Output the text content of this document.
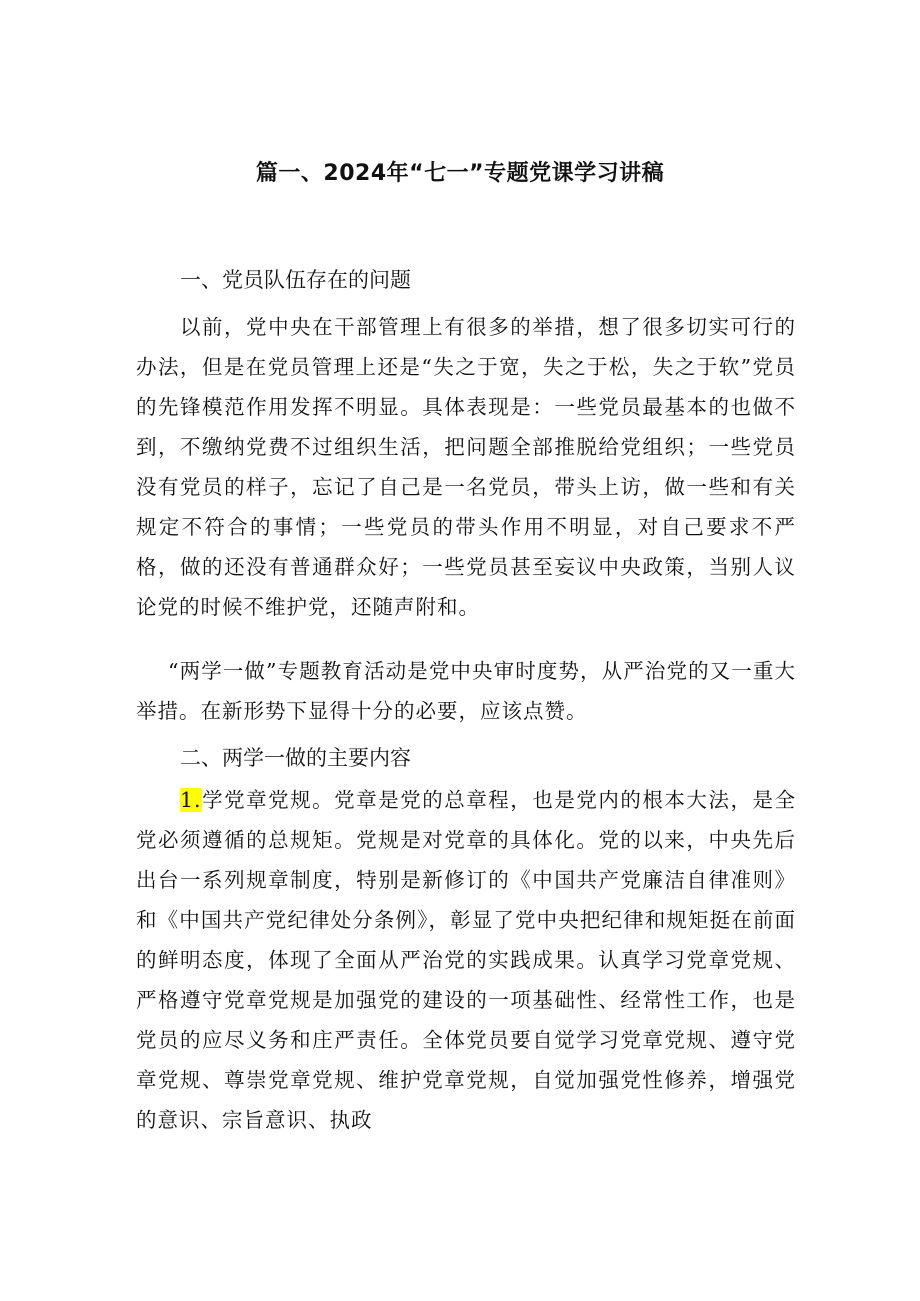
篇一、2024年“七一”专题党课学习讲稿
一、党员队伍存在的问题
以前，党中央在干部管理上有很多的举措，想了很多切实可行的办法，但是在党员管理上还是“失之于宽，失之于松，失之于软”党员的先锋模范作用发挥不明显。具体表现是：一些党员最基本的也做不到，不缴纳党费不过组织生活，把问题全部推脱给党组织；一些党员没有党员的样子，忘记了自己是一名党员，带头上访，做一些和有关规定不符合的事情；一些党员的带头作用不明显，对自己要求不严格，做的还没有普通群众好；一些党员甚至妄议中央政策，当别人议论党的时候不维护党，还随声附和。
“两学一做”专题教育活动是党中央审时度势，从严治党的又一重大举措。在新形势下显得十分的必要，应该点赞。
二、两学一做的主要内容
1.学党章党规。党章是党的总章程，也是党内的根本大法，是全党必须遵循的总规矩。党规是对党章的具体化。党的以来，中央先后出台一系列规章制度，特别是新修订的《中国共产党廉洁自律准则》和《中国共产党纪律处分条例》，彰显了党中央把纪律和规矩挺在前面的鲜明态度，体现了全面从严治党的实践成果。认真学习党章党规、严格遵守党章党规是加强党的建设的一项基础性、经常性工作，也是党员的应尽义务和庄严责任。全体党员要自觉学习党章党规、遵守党章党规、尊崇党章党规、维护党章党规，自觉加强党性修养，增强党的意识、宗旨意识、执政
